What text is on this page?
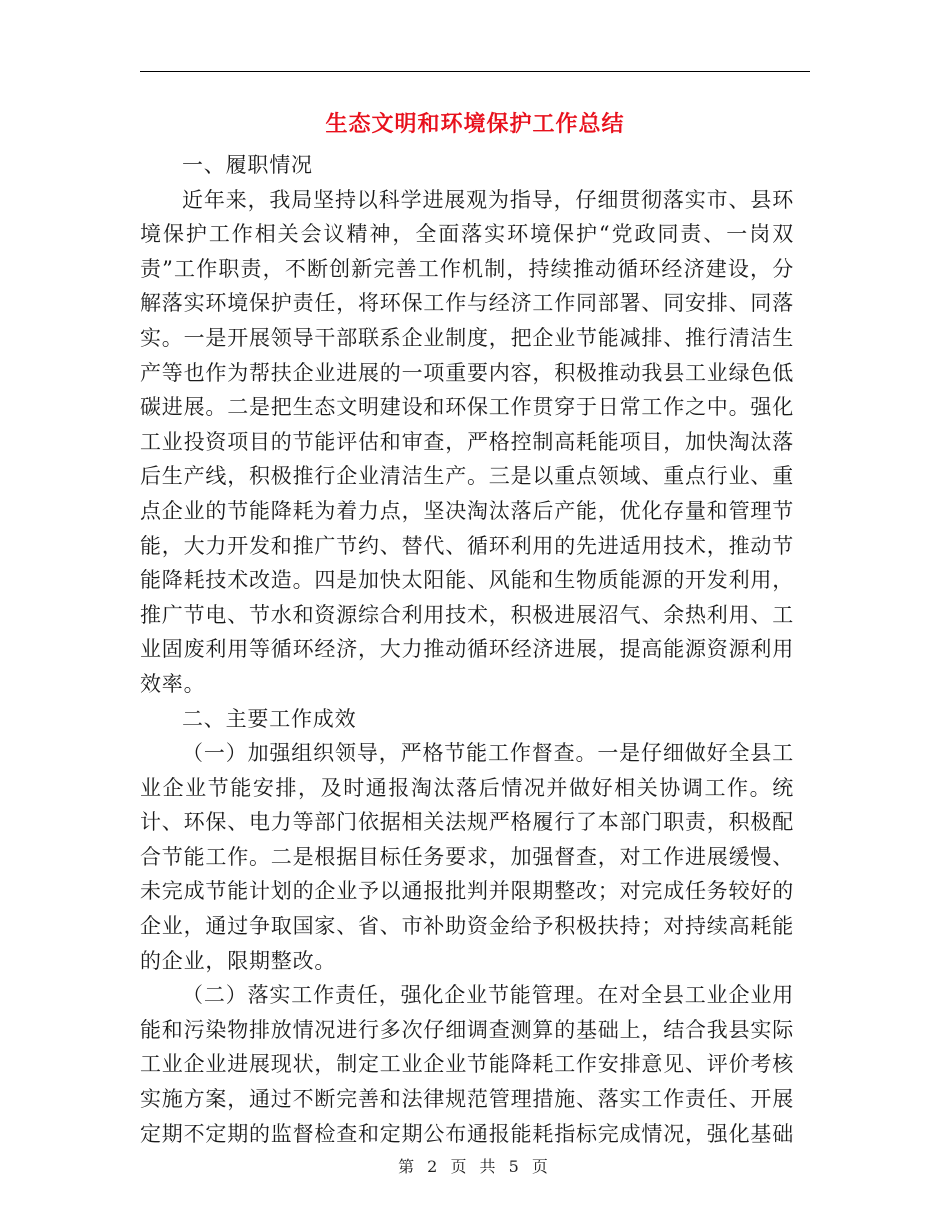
生态文明和环境保护工作总结

一、履职情况

近年来，我局坚持以科学进展观为指导，仔细贯彻落实市、县环境保护工作相关会议精神，全面落实环境保护“党政同责、一岗双责”工作职责，不断创新完善工作机制，持续推动循环经济建设，分解落实环境保护责任，将环保工作与经济工作同部署、同安排、同落实。一是开展领导干部联系企业制度，把企业节能减排、推行清洁生产等也作为帮扶企业进展的一项重要内容，积极推动我县工业绿色低碳进展。二是把生态文明建设和环保工作贯穿于日常工作之中。强化工业投资项目的节能评估和审查，严格控制高耗能项目，加快淘汰落后生产线，积极推行企业清洁生产。三是以重点领域、重点行业、重点企业的节能降耗为着力点，坚决淘汰落后产能，优化存量和管理节能，大力开发和推广节约、替代、循环利用的先进适用技术，推动节能降耗技术改造。四是加快太阳能、风能和生物质能源的开发利用，推广节电、节水和资源综合利用技术，积极进展沼气、余热利用、工业固废利用等循环经济，大力推动循环经济进展，提高能源资源利用效率。

二、主要工作成效

（一）加强组织领导，严格节能工作督查。一是仔细做好全县工业企业节能安排，及时通报淘汰落后情况并做好相关协调工作。统计、环保、电力等部门依据相关法规严格履行了本部门职责，积极配合节能工作。二是根据目标任务要求，加强督查，对工作进展缓慢、未完成节能计划的企业予以通报批判并限期整改；对完成任务较好的企业，通过争取国家、省、市补助资金给予积极扶持；对持续高耗能的企业，限期整改。

（二）落实工作责任，强化企业节能管理。在对全县工业企业用能和污染物排放情况进行多次仔细调查测算的基础上，结合我县实际工业企业进展现状，制定工业企业节能降耗工作安排意见、评价考核实施方案，通过不断完善和法律规范管理措施、落实工作责任、开展定期不定期的监督检查和定期公布通报能耗指标完成情况，强化基础

第 2 页 共 5 页
